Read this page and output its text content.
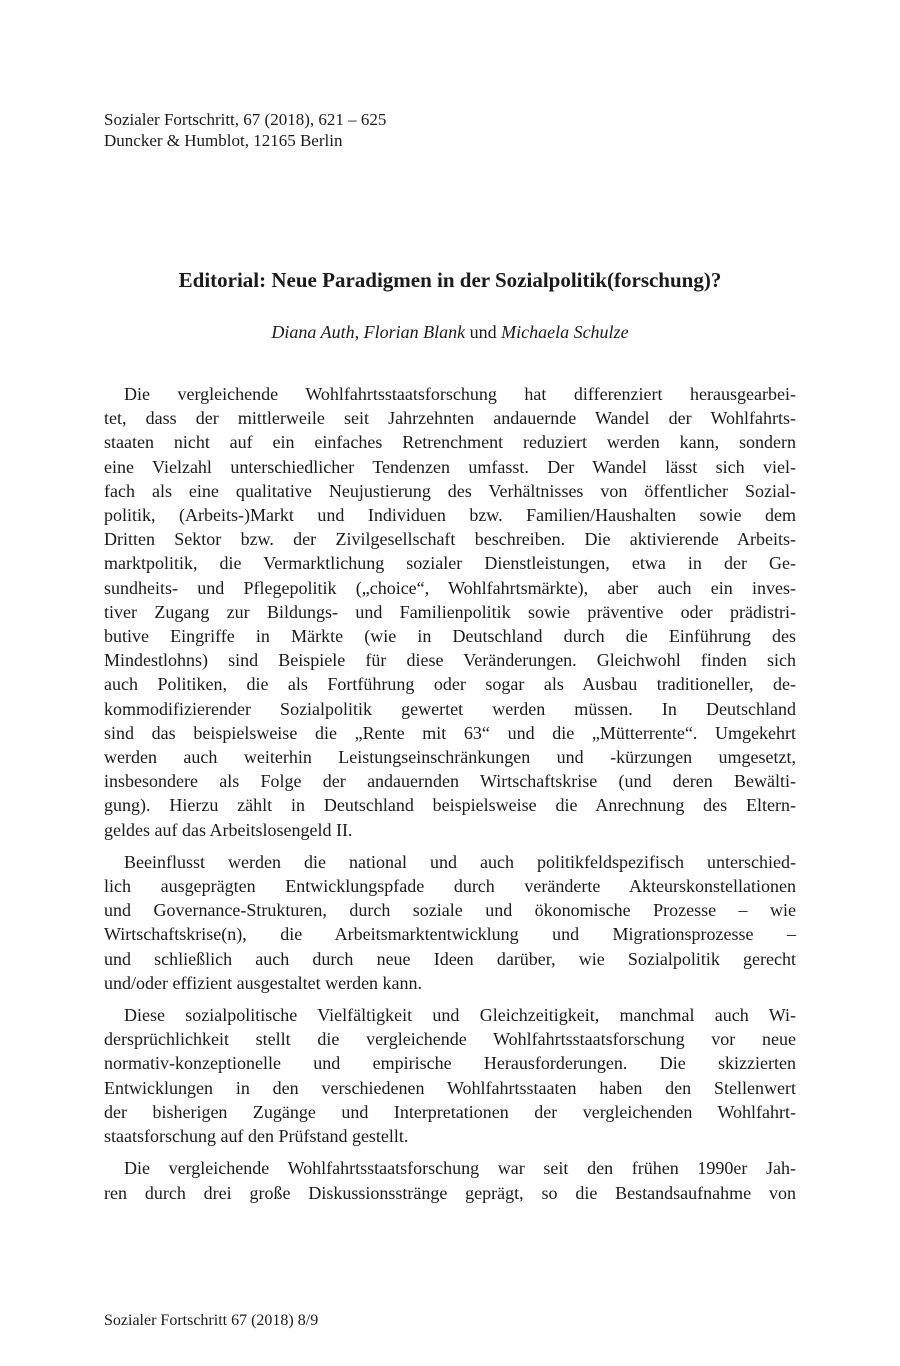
Sozialer Fortschritt, 67 (2018), 621 – 625
Duncker & Humblot, 12165 Berlin
Editorial: Neue Paradigmen in der Sozialpolitik(forschung)?
Diana Auth, Florian Blank und Michaela Schulze
Die vergleichende Wohlfahrtsstaatsforschung hat differenziert herausgearbei-
tet, dass der mittlerweile seit Jahrzehnten andauernde Wandel der Wohlfahrts-
staaten nicht auf ein einfaches Retrenchment reduziert werden kann, sondern
eine Vielzahl unterschiedlicher Tendenzen umfasst. Der Wandel lässt sich viel-
fach als eine qualitative Neujustierung des Verhältnisses von öffentlicher Sozial-
politik, (Arbeits-)Markt und Individuen bzw. Familien/Haushalten sowie dem
Dritten Sektor bzw. der Zivilgesellschaft beschreiben. Die aktivierende Arbeits-
marktpolitik, die Vermarktlichung sozialer Dienstleistungen, etwa in der Ge-
sundheits- und Pflegepolitik („choice“, Wohlfahrtsmärkte), aber auch ein inves-
tiver Zugang zur Bildungs- und Familienpolitik sowie präventive oder prädistri-
butive Eingriffe in Märkte (wie in Deutschland durch die Einführung des
Mindestlohns) sind Beispiele für diese Veränderungen. Gleichwohl finden sich
auch Politiken, die als Fortführung oder sogar als Ausbau traditioneller, de-
kommodifizierender Sozialpolitik gewertet werden müssen. In Deutschland
sind das beispielsweise die „Rente mit 63“ und die „Mütterrente“. Umgekehrt
werden auch weiterhin Leistungseinschränkungen und -kürzungen umgesetzt,
insbesondere als Folge der andauernden Wirtschaftskrise (und deren Bewälti-
gung). Hierzu zählt in Deutschland beispielsweise die Anrechnung des Eltern-
geldes auf das Arbeitslosengeld II.
Beeinflusst werden die national und auch politikfeldspezifisch unterschied-
lich ausgeprägten Entwicklungspfade durch veränderte Akteurskonstellationen
und Governance-Strukturen, durch soziale und ökonomische Prozesse – wie
Wirtschaftskrise(n), die Arbeitsmarktentwicklung und Migrationsprozesse –
und schließlich auch durch neue Ideen darüber, wie Sozialpolitik gerecht
und/oder effizient ausgestaltet werden kann.
Diese sozialpolitische Vielfältigkeit und Gleichzeitigkeit, manchmal auch Wi-
dersprüchlichkeit stellt die vergleichende Wohlfahrtsstaatsforschung vor neue
normativ-konzeptionelle und empirische Herausforderungen. Die skizzierten
Entwicklungen in den verschiedenen Wohlfahrtsstaaten haben den Stellenwert
der bisherigen Zugänge und Interpretationen der vergleichenden Wohlfahrt-
staatsforschung auf den Prüfstand gestellt.
Die vergleichende Wohlfahrtsstaatsforschung war seit den frühen 1990er Jah-
ren durch drei große Diskussionsstränge geprägt, so die Bestandsaufnahme von
Sozialer Fortschritt 67 (2018) 8/9
